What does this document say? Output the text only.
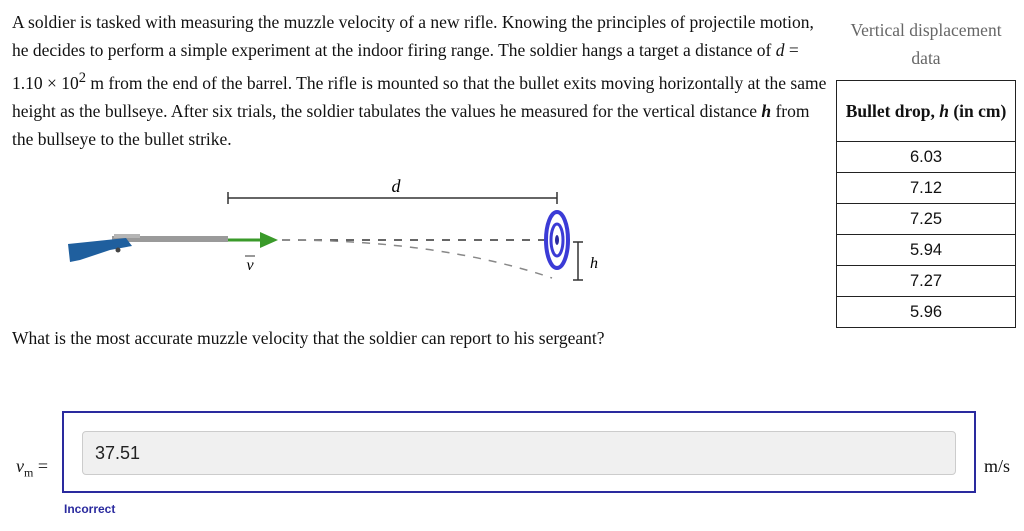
A soldier is tasked with measuring the muzzle velocity of a new rifle. Knowing the principles of projectile motion, he decides to perform a simple experiment at the indoor firing range. The soldier hangs a target a distance of $d = 1.10 \times 10^2$ m from the end of the barrel. The rifle is mounted so that the bullet exits moving horizontally at the same height as the bullseye. After six trials, the soldier tabulates the values he measured for the vertical distance h from the bullseye to the bullet strike.

d
v	h
What is the most accurate muzzle velocity that the soldier can report to his sergeant?
Vertical displacement data
Bullet drop, h (in cm)
6.03
7.12
7.25
5.94
7.27
5.96
$v_m$ =
37.51	m/s
Incorrect
